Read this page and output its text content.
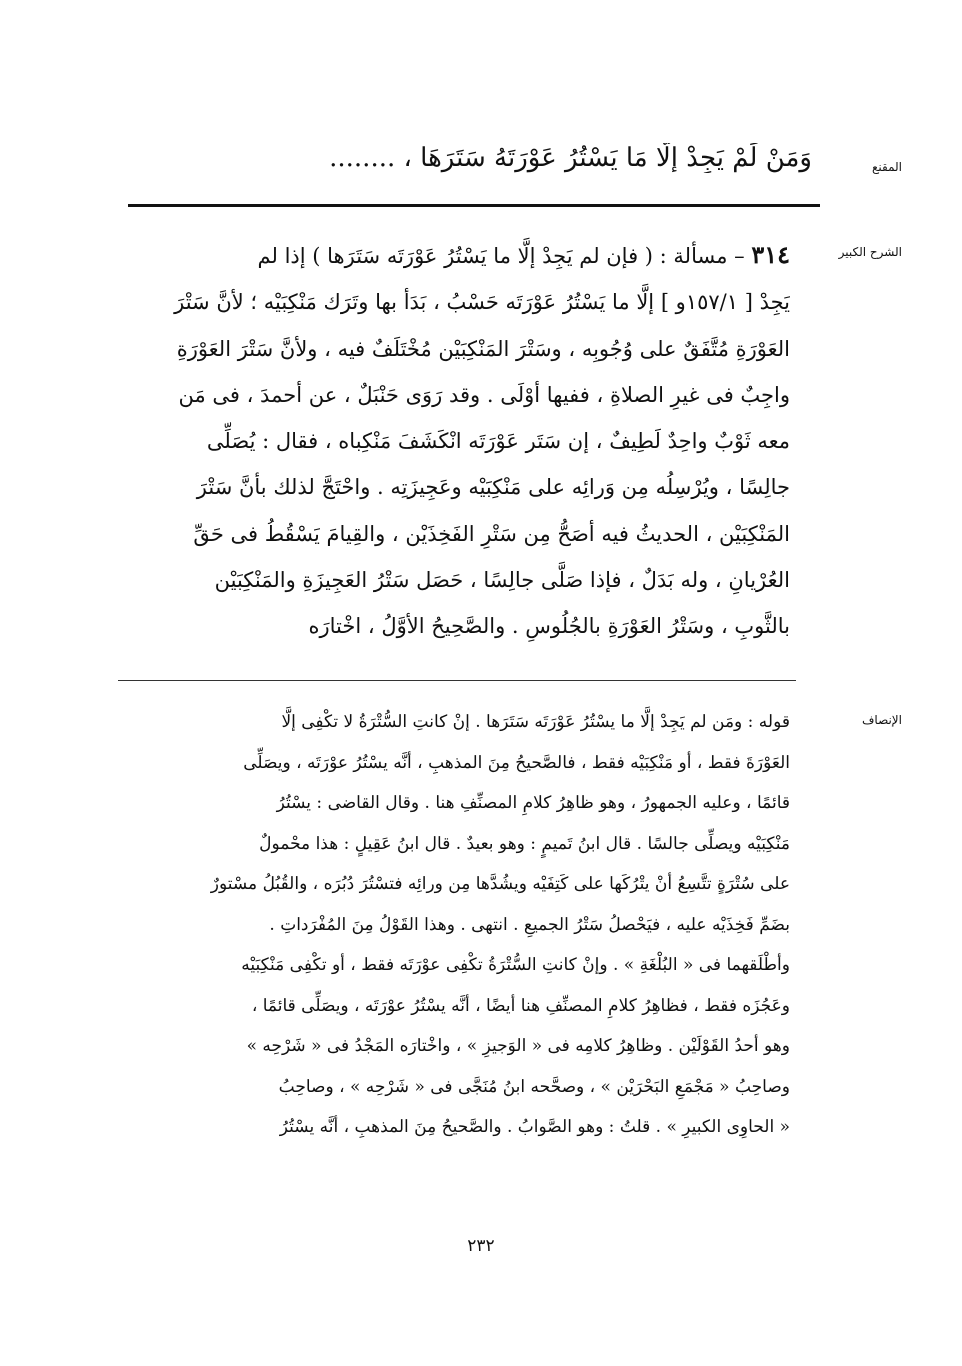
المقنع
وَمَنْ لَمْ يَجِدْ إِلَّا مَا يَسْتُرُ عَوْرَتَهُ سَتَرَهَا ، ........
الشرح الكبير
٣١٤ – مسألة : ( فإن لم يَجِدْ إلَّا ما يَسْتُرُ عَوْرَتَه سَتَرَها ) إذا لم
يَجِدْ [ ١٥٧/١و ] إلَّا ما يَسْتُرُ عَوْرَتَه حَسْبُ ، بَدَأ بها وتَرَك مَنْكِبَيْه ؛ لأنَّ سَتْرَ
العَوْرَةِ مُتَّفَقٌ على وُجُوبِه ، وسَتْرَ المَنْكِبَيْن مُخْتَلَفٌ فيه ، ولأنَّ سَتْرَ العَوْرَةِ
واجِبٌ فى غيرِ الصلاةِ ، ففيها أوْلَى . وقد رَوَى حَنْبَلٌ ، عن أحمدَ ، فى مَن
معه ثَوْبٌ واحِدٌ لَطِيفٌ ، إن سَتَر عَوْرَتَه انْكَشَفَ مَنْكِباه ، فقال : يُصَلِّى
جالِسًا ، ويُرْسِلُه مِن وَرائِه على مَنْكِبَيْه وعَجِيزَتِه . واحْتَجَّ لذلك بأنَّ سَتْرَ
المَنْكِبَيْن ، الحديثُ فيه أصَحُّ مِن سَتْرِ الفَخِذَيْن ، والقِيامَ يَسْقُطُ فى حَقِّ
العُرْيانِ ، وله بَدَلٌ ، فإذا صَلَّى جالِسًا ، حَصَل سَتْرُ العَجِيزَةِ والمَنْكِبَيْن
بالثَّوبِ ، وسَتْرُ العَوْرَةِ بالجُلُوسِ . والصَّحِيحُ الأوَّلُ ، اخْتارَه
الإنصاف
قوله : ومَن لم يَجِدْ إلَّا ما يسْتُرُ عَوْرَتَه سَتَرَها . إنْ كانتِ السُّتْرَةُ لا تكْفِى إلَّا
العَوْرَةَ فقط ، أو مَنْكِبَيْه فقط ، فالصَّحيحُ مِنَ المذهبِ ، أنَّه يسْتُرُ عوْرَتَه ، ويصَلِّى
قائمًا ، وعليه الجمهورُ ، وهو ظاهِرُ كلامِ المصنِّفِ هنا . وقال القاضى : يسْتُرُ
مَنْكِبَيْه ويصلِّى جالسًا . قال ابنُ تَميمٍ : وهو بعيدٌ . قال ابنُ عَقِيلٍ : هذا محْمولٌ
على سُتْرَةٍ تتَّسِعُ أنْ يتْرُكَها على كَتِفَيْه ويشُدَّها مِن ورائِه فتسْتُرَ دُبُرَه ، والقُبُلُ مسْتورٌ
بضَمِّ فَخِذَيْه عليه ، فيَحْصلُ سَتْرُ الجميعِ . انتهى . وهذا القَوْلُ مِنَ المُفْرَداتِ .
وأطْلَقهما فى « البُلْغَةِ » . وإنْ كانتِ السُّتْرَةُ تكْفِى عوْرَتَه فقط ، أو تكْفِى مَنْكِبَيْه
وعَجُزَه فقط ، فظاهِرُ كلامِ المصنِّفِ هنا أيضًا ، أنَّه يسْتُرُ عوْرَتَه ، ويصَلِّى قائمًا ،
وهو أحدُ القَوْلَيْن . وظاهِرُ كلامِه فى « الوَجيزِ » ، واخْتارَه المَجْدُ فى « شَرْحِه »
وصاحِبُ « مَجْمَعِ البَحْرَيْن » ، وصحَّحه ابنُ مُنَجَّى فى « شَرْحِه » ، وصاحِبُ
« الحاوِى الكبيرِ » . قلتُ : وهو الصَّوابُ . والصَّحيحُ مِنَ المذهبِ ، أنَّه يسْتُرُ
٢٣٢
